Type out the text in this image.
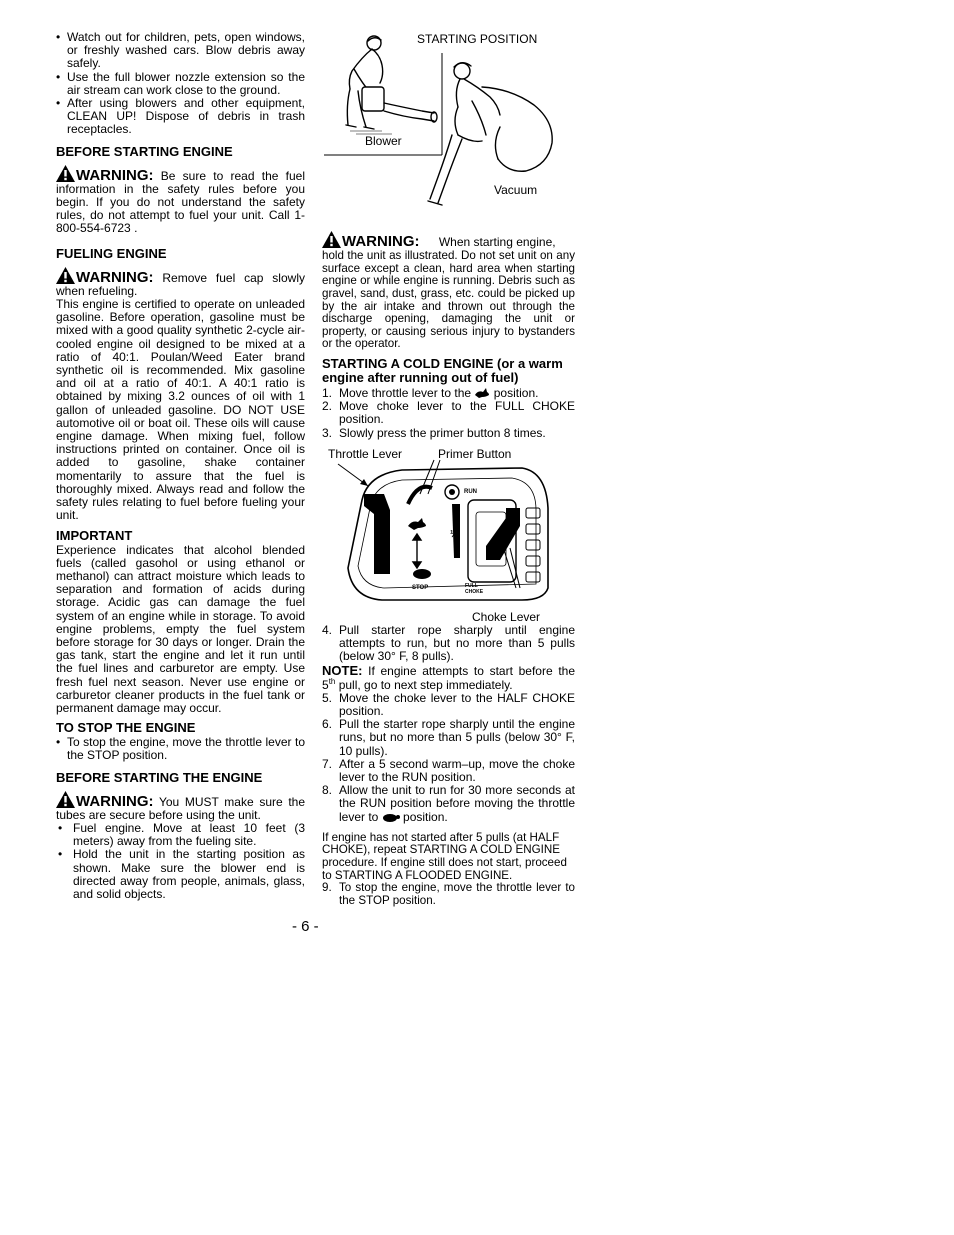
• Watch out for children, pets, open windows, or freshly washed cars. Blow debris away safely.
• Use the full blower nozzle extension so the air stream can work close to the ground.
• After using blowers and other equipment, CLEAN UP! Dispose of debris in trash receptacles.
BEFORE STARTING ENGINE

WARNING: Be sure to read the fuel information in the safety rules before you begin. If you do not understand the safety rules, do not attempt to fuel your unit. Call 1-800-554-6723 .

FUELING ENGINE

WARNING: Remove fuel cap slowly when refueling.

This engine is certified to operate on unleaded gasoline. Before operation, gasoline must be mixed with a good quality synthetic 2-cycle air-cooled engine oil designed to be mixed at a ratio of 40:1. Poulan/Weed Eater brand synthetic oil is recommended. Mix gasoline and oil at a ratio of 40:1. A 40:1 ratio is obtained by mixing 3.2 ounces of oil with 1 gallon of unleaded gasoline. DO NOT USE automotive oil or boat oil. These oils will cause engine damage. When mixing fuel, follow instructions printed on container. Once oil is added to gasoline, shake container momentarily to assure that the fuel is thoroughly mixed. Always read and follow the safety rules relating to fuel before fueling your unit.

IMPORTANT

Experience indicates that alcohol blended fuels (called gasohol or using ethanol or methanol) can attract moisture which leads to separation and formation of acids during storage. Acidic gas can damage the fuel system of an engine while in storage. To avoid engine problems, empty the fuel system before storage for 30 days or longer. Drain the gas tank, start the engine and let it run until the fuel lines and carburetor are empty. Use fresh fuel next season. Never use engine or carburetor cleaner products in the fuel tank or permanent damage may occur.

TO STOP THE ENGINE
• To stop the engine, move the throttle lever to the STOP position.
BEFORE STARTING THE ENGINE

WARNING: You MUST make sure the tubes are secure before using the unit.

• Fuel engine. Move at least 10 feet (3 meters) away from the fueling site.
• Hold the unit in the starting position as shown. Make sure the blower end is directed away from people, animals, glass, and solid objects.
STARTING POSITION
Blower
Vacuum

WARNING: When starting engine,

hold the unit as illustrated. Do not set unit on any surface except a clean, hard area when starting engine or while engine is running. Debris such as gravel, sand, dust, grass, etc. could be picked up by the air intake and thrown out through the discharge opening, damaging the unit or property, or causing serious injury to bystanders or the operator.

STARTING A COLD ENGINE (or a warm engine after running out of fuel)
1. Move throttle lever to the  position.
2. Move choke lever to the FULL CHOKE position.
3. Slowly press the primer button 8 times.
Throttle Lever	Primer Button
Choke Lever
RUN
STOP	FULL
CHOKE
½
4. Pull starter rope sharply until engine attempts to run, but no more than 5 pulls (below 30° F, 8 pulls).

NOTE: If engine attempts to start before the 5th pull, go to next step immediately.

5. Move the choke lever to the HALF CHOKE position.
6. Pull the starter rope sharply until the engine runs, but no more than 5 pulls (below 30° F, 10 pulls).
7. After a 5 second warm–up, move the choke lever to the RUN position.
8. Allow the unit to run for 30 more seconds at the RUN position before moving the throttle lever to  position.

If engine has not started after 5 pulls (at HALF CHOKE), repeat STARTING A COLD ENGINE procedure. If engine still does not start, proceed to STARTING A FLOODED ENGINE.

9. To stop the engine, move the throttle lever to the STOP position.
- 6 -
